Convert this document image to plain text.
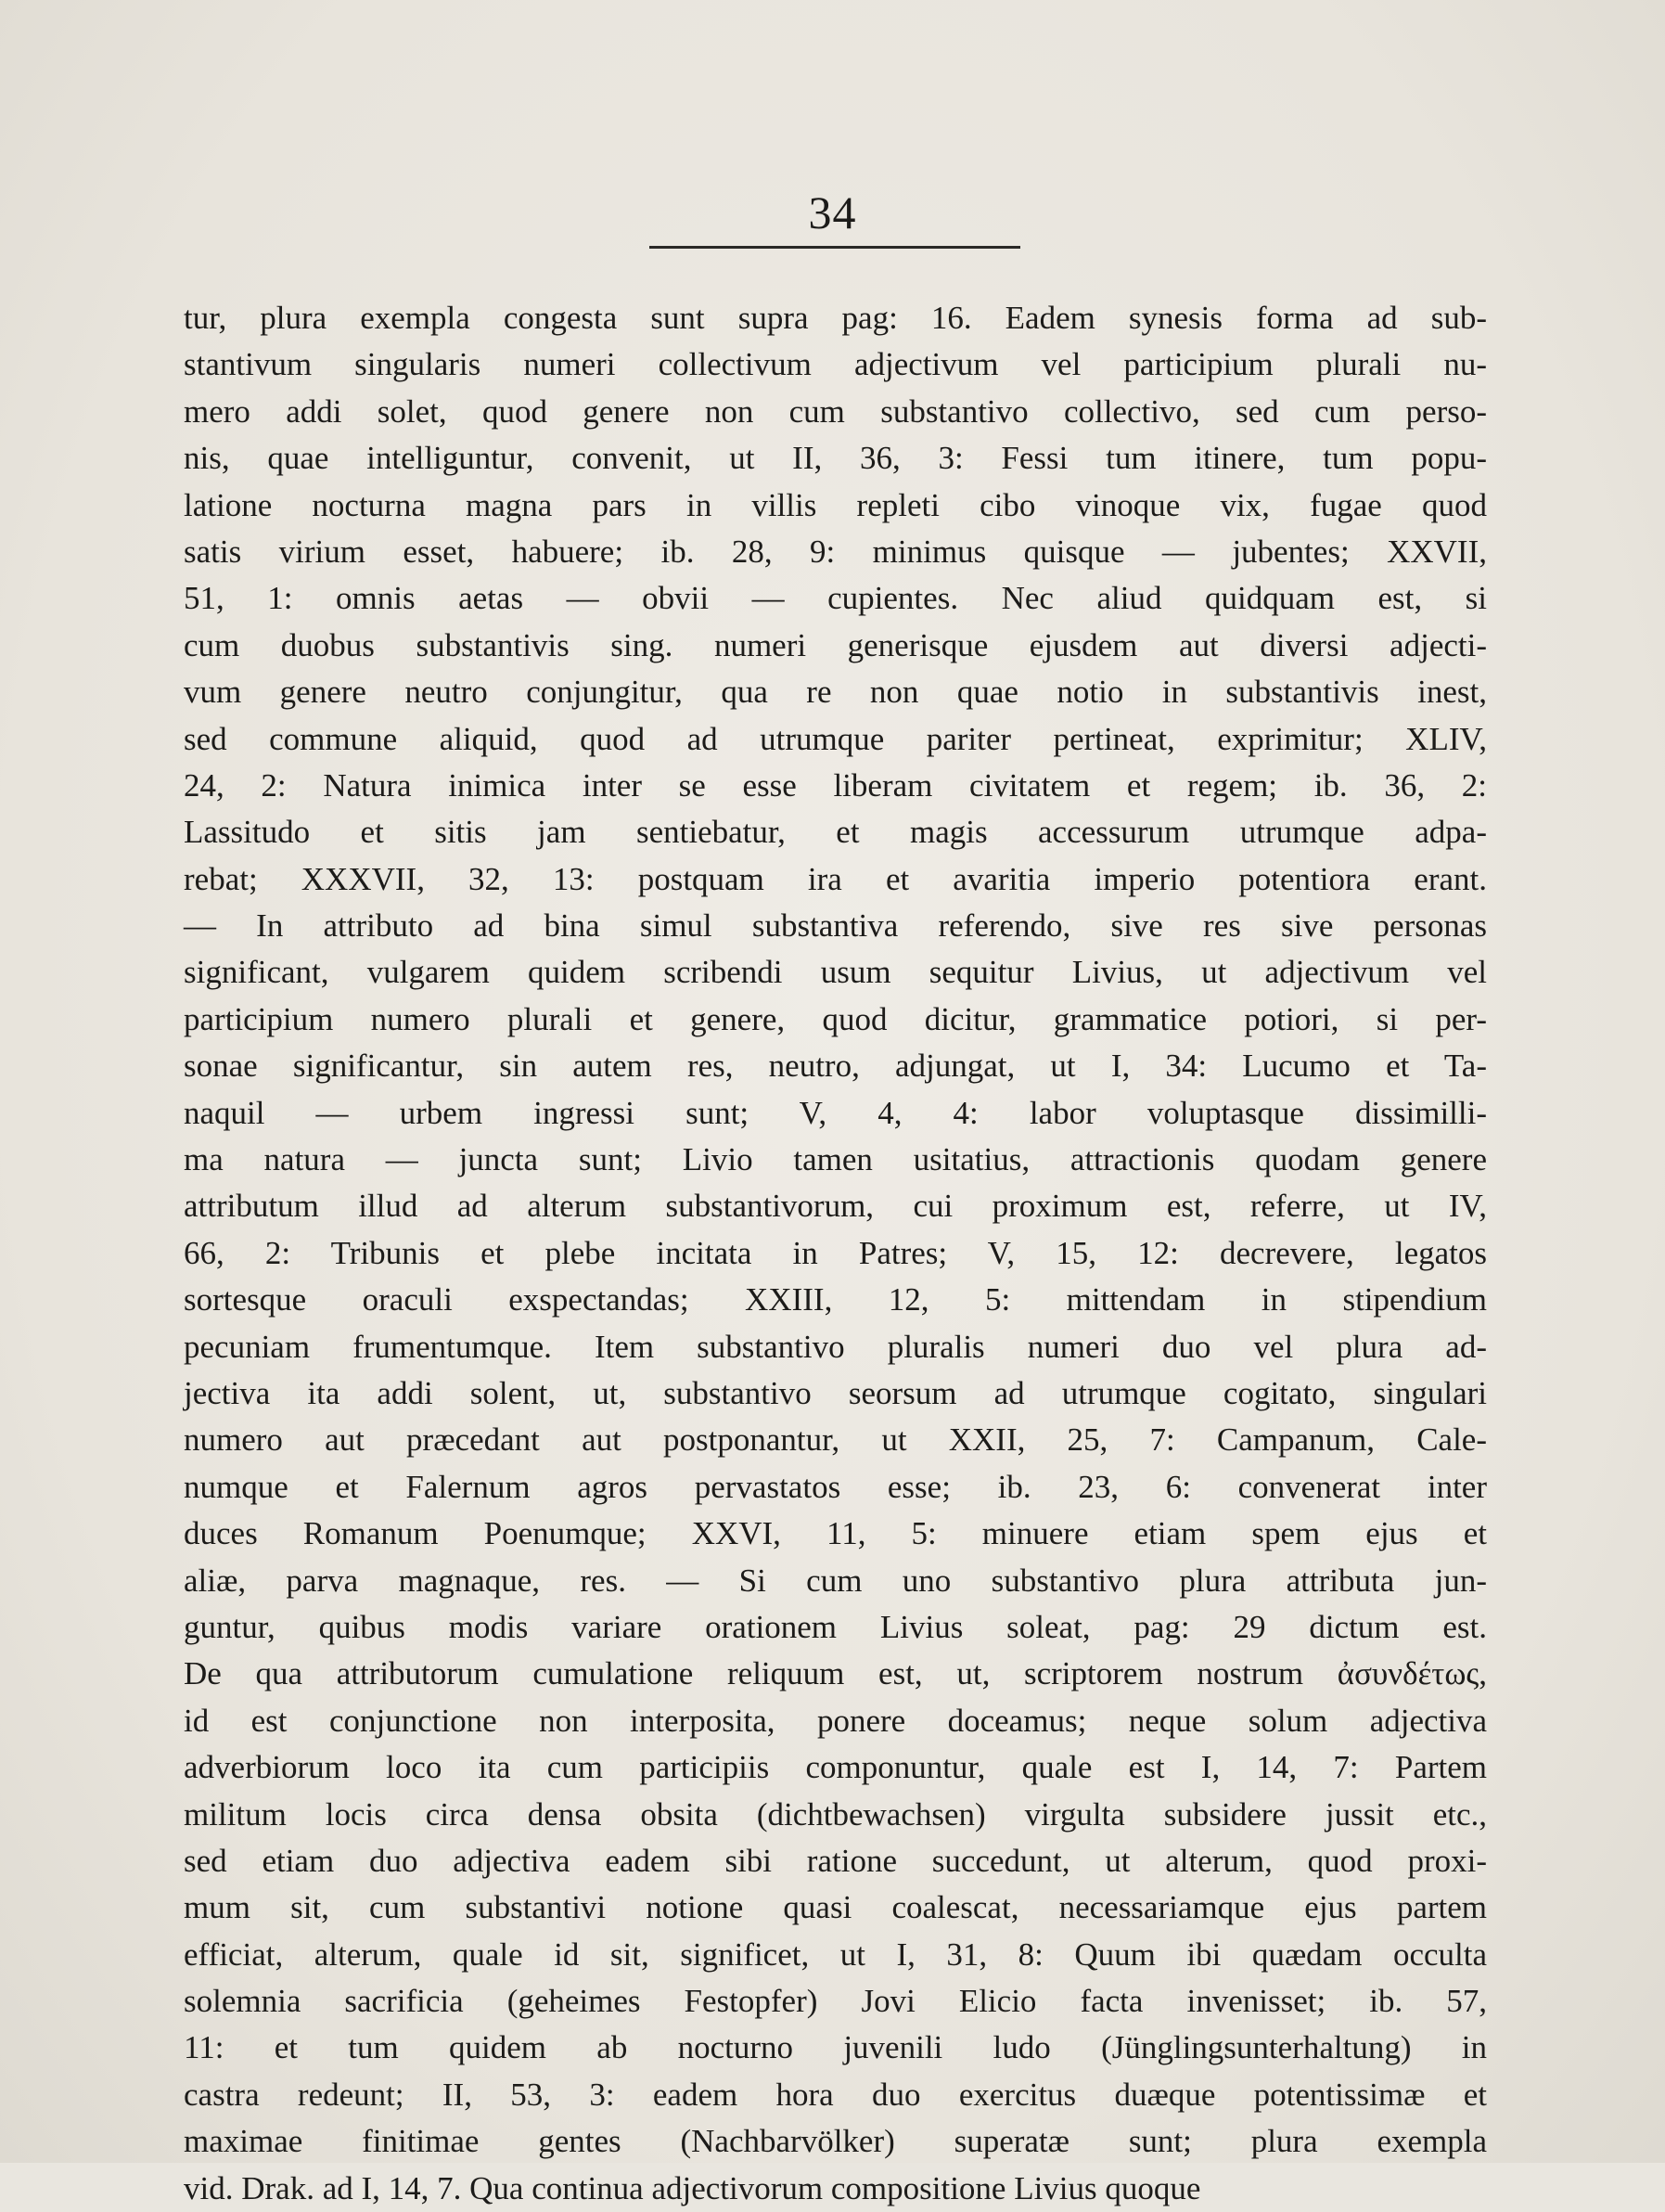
34
tur, plura exempla congesta sunt supra pag: 16. Eadem synesis forma ad sub-
stantivum singularis numeri collectivum adjectivum vel participium plurali nu-
mero addi solet, quod genere non cum substantivo collectivo, sed cum perso-
nis, quae intelliguntur, convenit, ut II, 36, 3: Fessi tum itinere, tum popu-
latione nocturna magna pars in villis repleti cibo vinoque vix, fugae quod
satis virium esset, habuere; ib. 28, 9: minimus quisque — jubentes; XXVII,
51, 1: omnis aetas — obvii — cupientes. Nec aliud quidquam est, si
cum duobus substantivis sing. numeri generisque ejusdem aut diversi adjecti-
vum genere neutro conjungitur, qua re non quae notio in substantivis inest,
sed commune aliquid, quod ad utrumque pariter pertineat, exprimitur; XLIV,
24, 2: Natura inimica inter se esse liberam civitatem et regem; ib. 36, 2:
Lassitudo et sitis jam sentiebatur, et magis accessurum utrumque adpa-
rebat; XXXVII, 32, 13: postquam ira et avaritia imperio potentiora erant.
— In attributo ad bina simul substantiva referendo, sive res sive personas
significant, vulgarem quidem scribendi usum sequitur Livius, ut adjectivum vel
participium numero plurali et genere, quod dicitur, grammatice potiori, si per-
sonae significantur, sin autem res, neutro, adjungat, ut I, 34: Lucumo et Ta-
naquil — urbem ingressi sunt; V, 4, 4: labor voluptasque dissimilli-
ma natura — juncta sunt; Livio tamen usitatius, attractionis quodam genere
attributum illud ad alterum substantivorum, cui proximum est, referre, ut IV,
66, 2: Tribunis et plebe incitata in Patres; V, 15, 12: decrevere, legatos
sortesque oraculi exspectandas; XXIII, 12, 5: mittendam in stipendium
pecuniam frumentumque. Item substantivo pluralis numeri duo vel plura ad-
jectiva ita addi solent, ut, substantivo seorsum ad utrumque cogitato, singulari
numero aut præcedant aut postponantur, ut XXII, 25, 7: Campanum, Cale-
numque et Falernum agros pervastatos esse; ib. 23, 6: convenerat inter
duces Romanum Poenumque; XXVI, 11, 5: minuere etiam spem ejus et
aliæ, parva magnaque, res. — Si cum uno substantivo plura attributa jun-
guntur, quibus modis variare orationem Livius soleat, pag: 29 dictum est.
De qua attributorum cumulatione reliquum est, ut, scriptorem nostrum ἀσυνδέτως,
id est conjunctione non interposita, ponere doceamus; neque solum adjectiva
adverbiorum loco ita cum participiis componuntur, quale est I, 14, 7: Partem
militum locis circa densa obsita (dichtbewachsen) virgulta subsidere jussit etc.,
sed etiam duo adjectiva eadem sibi ratione succedunt, ut alterum, quod proxi-
mum sit, cum substantivi notione quasi coalescat, necessariamque ejus partem
efficiat, alterum, quale id sit, significet, ut I, 31, 8: Quum ibi quædam occulta
solemnia sacrificia (geheimes Festopfer) Jovi Elicio facta invenisset; ib. 57,
11: et tum quidem ab nocturno juvenili ludo (Jünglingsunterhaltung) in
castra redeunt; II, 53, 3: eadem hora duo exercitus duæque potentissimæ et
maximae finitimae gentes (Nachbarvölker) superatæ sunt; plura exempla
vid. Drak. ad I, 14, 7. Qua continua adjectivorum compositione Livius quoque
